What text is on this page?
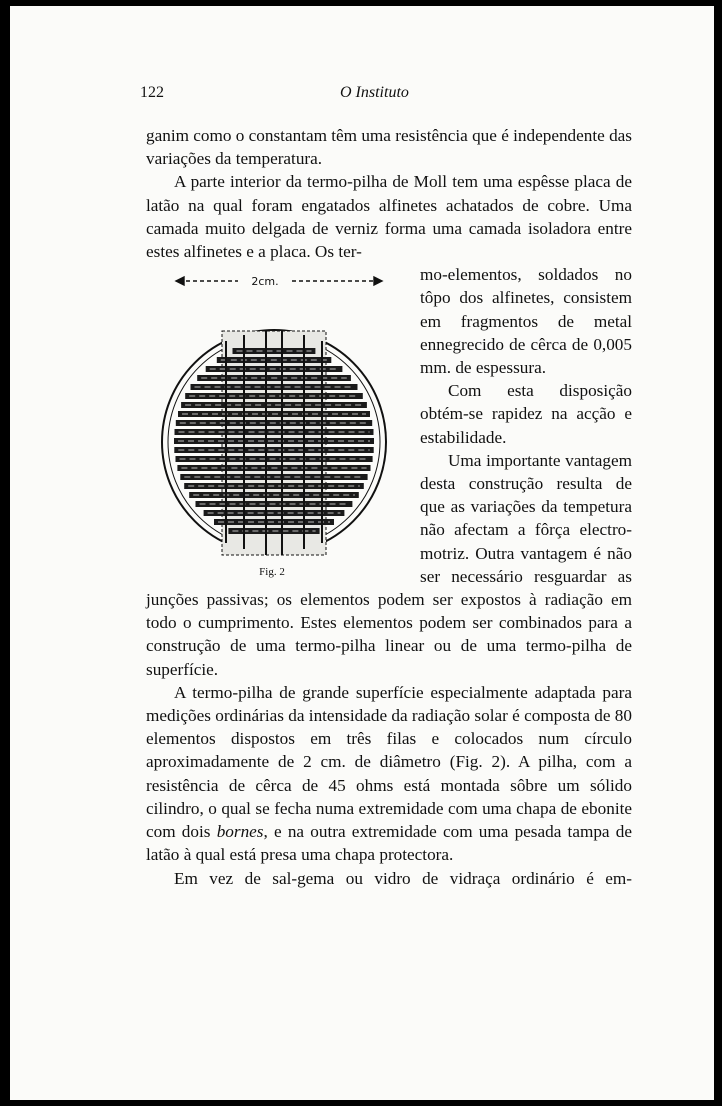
122	O Instituto

ganim como o constantam têm uma resistência que é independente das variações da temperatura.

A parte interior da termo-pilha de Moll tem uma espêsse placa de latão na qual foram engatados alfinetes achatados de cobre. Uma camada muito delgada de verniz forma uma camada isoladora entre estes alfinetes e a placa. Os ter-

2cm.
Fig. 2

mo-elementos, soldados no tôpo dos alfinetes, consistem em fragmentos de metal ennegrecido de cêrca de 0,005 mm. de espessura.

Com esta disposição obtém-se rapidez na acção e estabilidade.

Uma importante vantagem desta construção resulta de que as variações da tempetura não afectam a fôrça electro-motriz. Outra vantagem é não ser necessário resguardar as junções passivas; os elementos podem ser expostos à radiação em todo o cumprimento. Estes elementos podem ser combinados para a construção de uma termo-pilha linear ou de uma termo-pilha de superfície.

A termo-pilha de grande superfície especialmente adaptada para medições ordinárias da intensidade da radiação solar é composta de 80 elementos dispostos em três filas e colocados num círculo aproximadamente de 2 cm. de diâmetro (Fig. 2). A pilha, com a resistência de cêrca de 45 ohms está montada sôbre um sólido cilindro, o qual se fecha numa extremidade com uma chapa de ebonite com dois bornes, e na outra extremidade com uma pesada tampa de latão à qual está presa uma chapa protectora.

Em vez de sal-gema ou vidro de vidraça ordinário é em-
